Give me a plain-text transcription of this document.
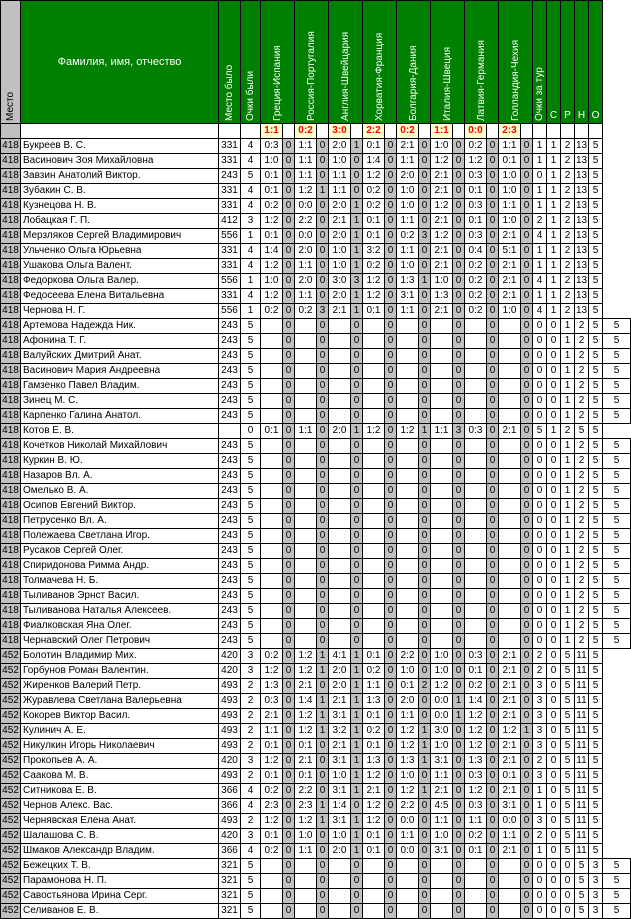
Место	Фамилия, имя, отчество	Место было	Очки были	Греция-Испания		Россия-Португалия		Англия-Швейцария		Хорватия-Франция		Болгария-Дания		Италия-Швеция		Латвия-Германия		Голландия-Чехия		Очки за тур	С	Р	Н	О	
				1:1		0:2		3:0		2:2		0:2		1:1		0:0		2:3							
418	Букреев В. С.	331	4	0:3	0	1:1	0	2:0	1	0:1	0	2:1	0	1:0	0	0:2	0	1:1	0	1	1	2	13	5	
418	Васинович Зоя Михайловна	331	4	1:0	0	1:1	0	1:0	0	1:4	0	1:1	0	1:2	0	1:2	0	0:1	0	1	1	2	13	5	
418	Завзин Анатолий Виктор.	243	5	0:1	0	1:1	0	1:1	0	1:2	0	2:0	0	2:1	0	0:3	0	1:0	0	0	1	2	13	5	
418	Зубакин С. В.	331	4	0:1	0	1:2	1	1:1	0	0:2	0	1:0	0	2:1	0	0:1	0	1:0	0	1	1	2	13	5	
418	Кузнецова Н. В.	331	4	0:2	0	0:0	0	2:0	1	0:2	0	1:0	0	1:2	0	0:3	0	1:1	0	1	1	2	13	5	
418	Лобацкая Г. П.	412	3	1:2	0	2:2	0	2:1	1	0:1	0	1:1	0	2:1	0	0:1	0	1:0	0	2	1	2	13	5	
418	Мерзляков Сергей Владимирович	556	1	0:1	0	0:0	0	2:0	1	0:1	0	0:2	3	1:2	0	0:3	0	2:1	0	4	1	2	13	5	
418	Ульченко Ольга Юрьевна	331	4	1:4	0	2:0	0	1:0	1	3:2	0	1:1	0	2:1	0	0:4	0	5:1	0	1	1	2	13	5	
418	Ушакова Ольга Валент.	331	4	1:2	0	1:1	0	1:0	1	0:2	0	1:0	0	2:1	0	0:2	0	2:1	0	1	1	2	13	5	
418	Федоркова Ольга Валер.	556	1	1:0	0	2:0	0	3:0	3	1:2	0	1:3	1	1:0	0	0:2	0	2:1	0	4	1	2	13	5	
418	Федосеева Елена Витальевна	331	4	1:2	0	1:1	0	2:0	1	1:2	0	3:1	0	1:3	0	0:2	0	2:1	0	1	1	2	13	5	
418	Чернова Н. Г.	556	1	0:2	0	0:2	3	2:1	1	0:1	0	1:1	0	2:1	0	0:2	0	1:0	0	4	1	2	13	5	
418	Артемова Надежда Ник.	243	5		0		0		0		0		0		0		0		0	0	0	1	2	5	5
418	Афонина Т. Г.	243	5		0		0		0		0		0		0		0		0	0	0	1	2	5	5
418	Валуйских Дмитрий Анат.	243	5		0		0		0		0		0		0		0		0	0	0	1	2	5	5
418	Васинович Мария Андреевна	243	5		0		0		0		0		0		0		0		0	0	0	1	2	5	5
418	Гамзенко Павел Владим.	243	5		0		0		0		0		0		0		0		0	0	0	1	2	5	5
418	Зинец М. С.	243	5		0		0		0		0		0		0		0		0	0	0	1	2	5	5
418	Карпенко Галина Анатол.	243	5		0		0		0		0		0		0		0		0	0	0	1	2	5	5
418	Котов Е. В.		0	0:1	0	1:1	0	2:0	1	1:2	0	1:2	1	1:1	3	0:3	0	2:1	0	5	1	2	5	5	
418	Кочетков Николай Михайлович	243	5		0		0		0		0		0		0		0		0	0	0	1	2	5	5
418	Куркин В. Ю.	243	5		0		0		0		0		0		0		0		0	0	0	1	2	5	5
418	Назаров Вл. А.	243	5		0		0		0		0		0		0		0		0	0	0	1	2	5	5
418	Омелько В. А.	243	5		0		0		0		0		0		0		0		0	0	0	1	2	5	5
418	Осипов Евгений Виктор.	243	5		0		0		0		0		0		0		0		0	0	0	1	2	5	5
418	Петрусенко Вл. А.	243	5		0		0		0		0		0		0		0		0	0	0	1	2	5	5
418	Полежаева Светлана Игор.	243	5		0		0		0		0		0		0		0		0	0	0	1	2	5	5
418	Русаков Сергей Олег.	243	5		0		0		0		0		0		0		0		0	0	0	1	2	5	5
418	Спиридонова Римма Андр.	243	5		0		0		0		0		0		0		0		0	0	0	1	2	5	5
418	Толмачева Н. Б.	243	5		0		0		0		0		0		0		0		0	0	0	1	2	5	5
418	Тыливанов Эрнст Васил.	243	5		0		0		0		0		0		0		0		0	0	0	1	2	5	5
418	Тыливанова Наталья Алексеев.	243	5		0		0		0		0		0		0		0		0	0	0	1	2	5	5
418	Фиалковская Яна Олег.	243	5		0		0		0		0		0		0		0		0	0	0	1	2	5	5
418	Чернавский Олег Петрович	243	5		0		0		0		0		0		0		0		0	0	0	1	2	5	5
452	Болотин Владимир Мих.	420	3	0:2	0	1:2	1	4:1	1	0:1	0	2:2	0	1:0	0	0:3	0	2:1	0	2	0	5	11	5	
452	Горбунов Роман Валентин.	420	3	1:2	0	1:2	1	2:0	1	0:2	0	1:0	0	1:0	0	0:1	0	2:1	0	2	0	5	11	5	
452	Жиренков Валерий Петр.	493	2	1:3	0	2:1	0	2:0	1	1:1	0	0:1	2	1:2	0	0:2	0	2:1	0	3	0	5	11	5	
452	Журавлева Светлана Валерьевна	493	2	0:3	0	1:4	1	2:1	1	1:3	0	2:0	0	0:0	1	1:4	0	2:1	0	3	0	5	11	5	
452	Кокорев Виктор Васил.	493	2	2:1	0	1:2	1	3:1	1	0:1	0	1:1	0	0:0	1	1:2	0	2:1	0	3	0	5	11	5	
452	Кулинич А. Е.	493	2	1:1	0	1:2	1	3:2	1	0:2	0	1:2	1	3:0	0	1:2	0	1:2	1	3	0	5	11	5	
452	Никулкин Игорь Николаевич	493	2	0:1	0	0:1	0	2:1	1	0:1	0	1:2	1	1:0	0	1:2	0	2:1	0	3	0	5	11	5	
452	Прокопьев А. А.	420	3	1:2	0	2:1	0	3:1	1	1:3	0	1:3	1	3:1	0	1:3	0	2:1	0	2	0	5	11	5	
452	Саакова М. В.	493	2	0:1	0	0:1	0	1:0	1	1:2	0	1:0	0	1:1	0	0:3	0	0:1	0	3	0	5	11	5	
452	Ситникова Е. В.	366	4	0:2	0	2:2	0	3:1	1	2:1	0	1:2	1	2:1	0	1:2	0	2:1	0	1	0	5	11	5	
452	Чернов Алекс. Вас.	366	4	2:3	0	2:3	1	1:4	0	1:2	0	2:2	0	4:5	0	0:3	0	3:1	0	1	0	5	11	5	
452	Чернявская Елена Анат.	493	2	1:2	0	1:2	1	3:1	1	1:2	0	0:0	0	1:1	0	1:1	0	0:0	0	3	0	5	11	5	
452	Шалашова С. В.	420	3	0:1	0	1:0	0	1:0	1	0:1	0	1:1	0	1:0	0	0:2	0	1:1	0	2	0	5	11	5	
452	Шмаков Александр Владим.	366	4	0:2	0	1:1	0	2:0	1	0:1	0	0:0	0	3:1	0	0:1	0	2:1	0	1	0	5	11	5	
452	Бежецких Т. В.	321	5		0		0		0		0		0		0		0		0	0	0	0	5	3	5
452	Парамонова Н. П.	321	5		0		0		0		0		0		0		0		0	0	0	0	5	3	5
452	Савостьянова Ирина Серг.	321	5		0		0		0		0		0		0		0		0	0	0	0	5	3	5
452	Селиванов Е. В.	321	5		0		0		0		0		0		0		0		0	0	0	0	5	3	5
